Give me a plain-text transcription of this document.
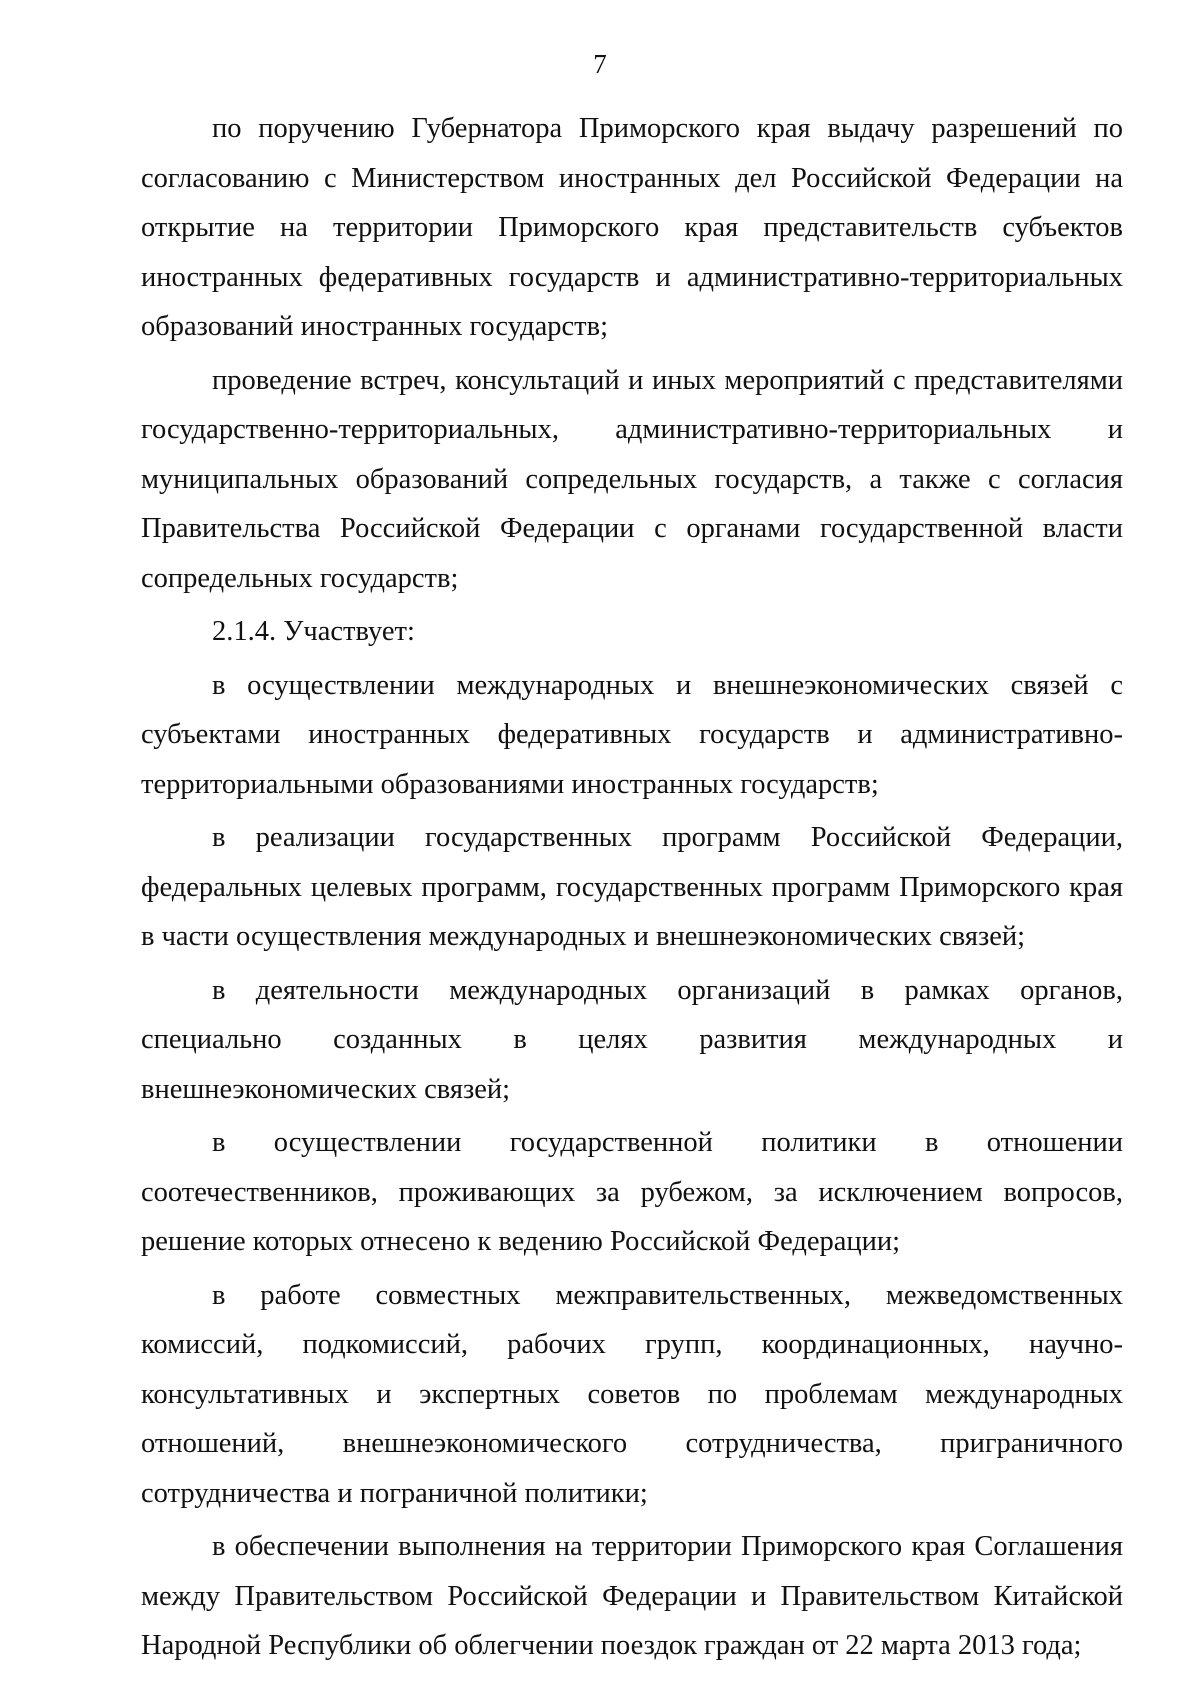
7

по поручению Губернатора Приморского края выдачу разрешений по согласованию с Министерством иностранных дел Российской Федерации на открытие на территории Приморского края представительств субъектов иностранных федеративных государств и административно-территориальных образований иностранных государств;

проведение встреч, консультаций и иных мероприятий с представителями государственно-территориальных, административно-территориальных и муниципальных образований сопредельных государств, а также с согласия Правительства Российской Федерации с органами государственной власти сопредельных государств;

2.1.4. Участвует:

в осуществлении международных и внешнеэкономических связей с субъектами иностранных федеративных государств и административно-территориальными образованиями иностранных государств;

в реализации государственных программ Российской Федерации, федеральных целевых программ, государственных программ Приморского края в части осуществления международных и внешнеэкономических связей;

в деятельности международных организаций в рамках органов, специально созданных в целях развития международных и внешнеэкономических связей;

в осуществлении государственной политики в отношении соотечественников, проживающих за рубежом, за исключением вопросов, решение которых отнесено к ведению Российской Федерации;

в работе совместных межправительственных, межведомственных комиссий, подкомиссий, рабочих групп, координационных, научно-консультативных и экспертных советов по проблемам международных отношений, внешнеэкономического сотрудничества, приграничного сотрудничества и пограничной политики;

в обеспечении выполнения на территории Приморского края Соглашения между Правительством Российской Федерации и Правительством Китайской Народной Республики об облегчении поездок граждан от 22 марта 2013 года;
